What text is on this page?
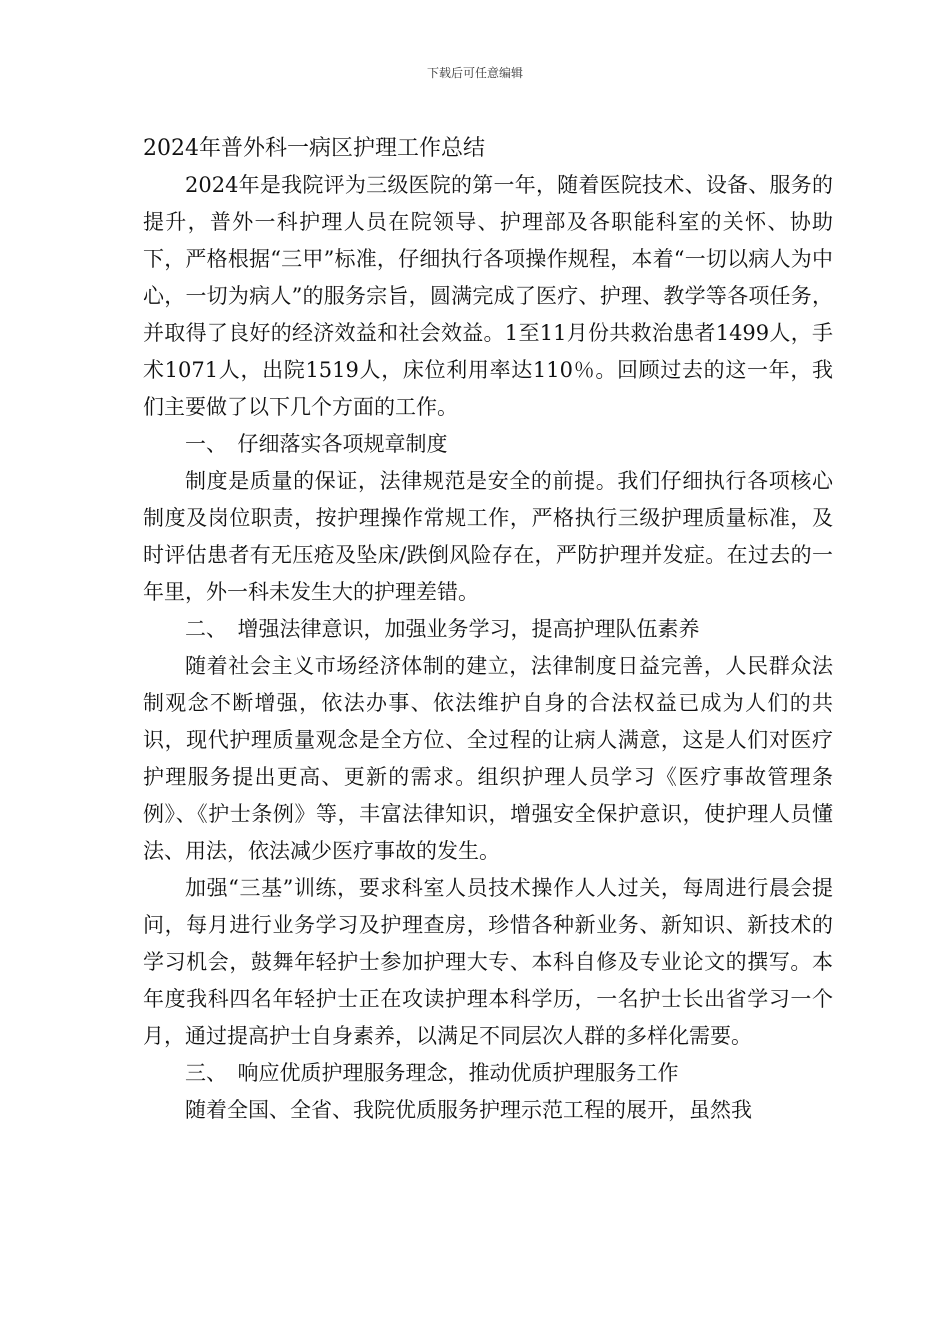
下载后可任意编辑
2024年普外科一病区护理工作总结

2024年是我院评为三级医院的第一年，随着医院技术、设备、服务的提升，普外一科护理人员在院领导、护理部及各职能科室的关怀、协助下，严格根据“三甲”标准，仔细执行各项操作规程，本着“一切以病人为中心，一切为病人”的服务宗旨，圆满完成了医疗、护理、教学等各项任务，并取得了良好的经济效益和社会效益。1至11月份共救治患者1499人，手术1071人，出院1519人，床位利用率达110％。回顾过去的这一年，我们主要做了以下几个方面的工作。

一、　仔细落实各项规章制度

制度是质量的保证，法律规范是安全的前提。我们仔细执行各项核心制度及岗位职责，按护理操作常规工作，严格执行三级护理质量标准，及时评估患者有无压疮及坠床/跌倒风险存在，严防护理并发症。在过去的一年里，外一科未发生大的护理差错。

二、　增强法律意识，加强业务学习，提高护理队伍素养

随着社会主义市场经济体制的建立，法律制度日益完善，人民群众法制观念不断增强，依法办事、依法维护自身的合法权益已成为人们的共识，现代护理质量观念是全方位、全过程的让病人满意，这是人们对医疗护理服务提出更高、更新的需求。组织护理人员学习《医疗事故管理条例》、《护士条例》等，丰富法律知识，增强安全保护意识，使护理人员懂法、用法，依法减少医疗事故的发生。

加强“三基”训练，要求科室人员技术操作人人过关，每周进行晨会提问，每月进行业务学习及护理查房，珍惜各种新业务、新知识、新技术的学习机会，鼓舞年轻护士参加护理大专、本科自修及专业论文的撰写。本年度我科四名年轻护士正在攻读护理本科学历，一名护士长出省学习一个月，通过提高护士自身素养，以满足不同层次人群的多样化需要。

三、　响应优质护理服务理念，推动优质护理服务工作

随着全国、全省、我院优质服务护理示范工程的展开，虽然我
